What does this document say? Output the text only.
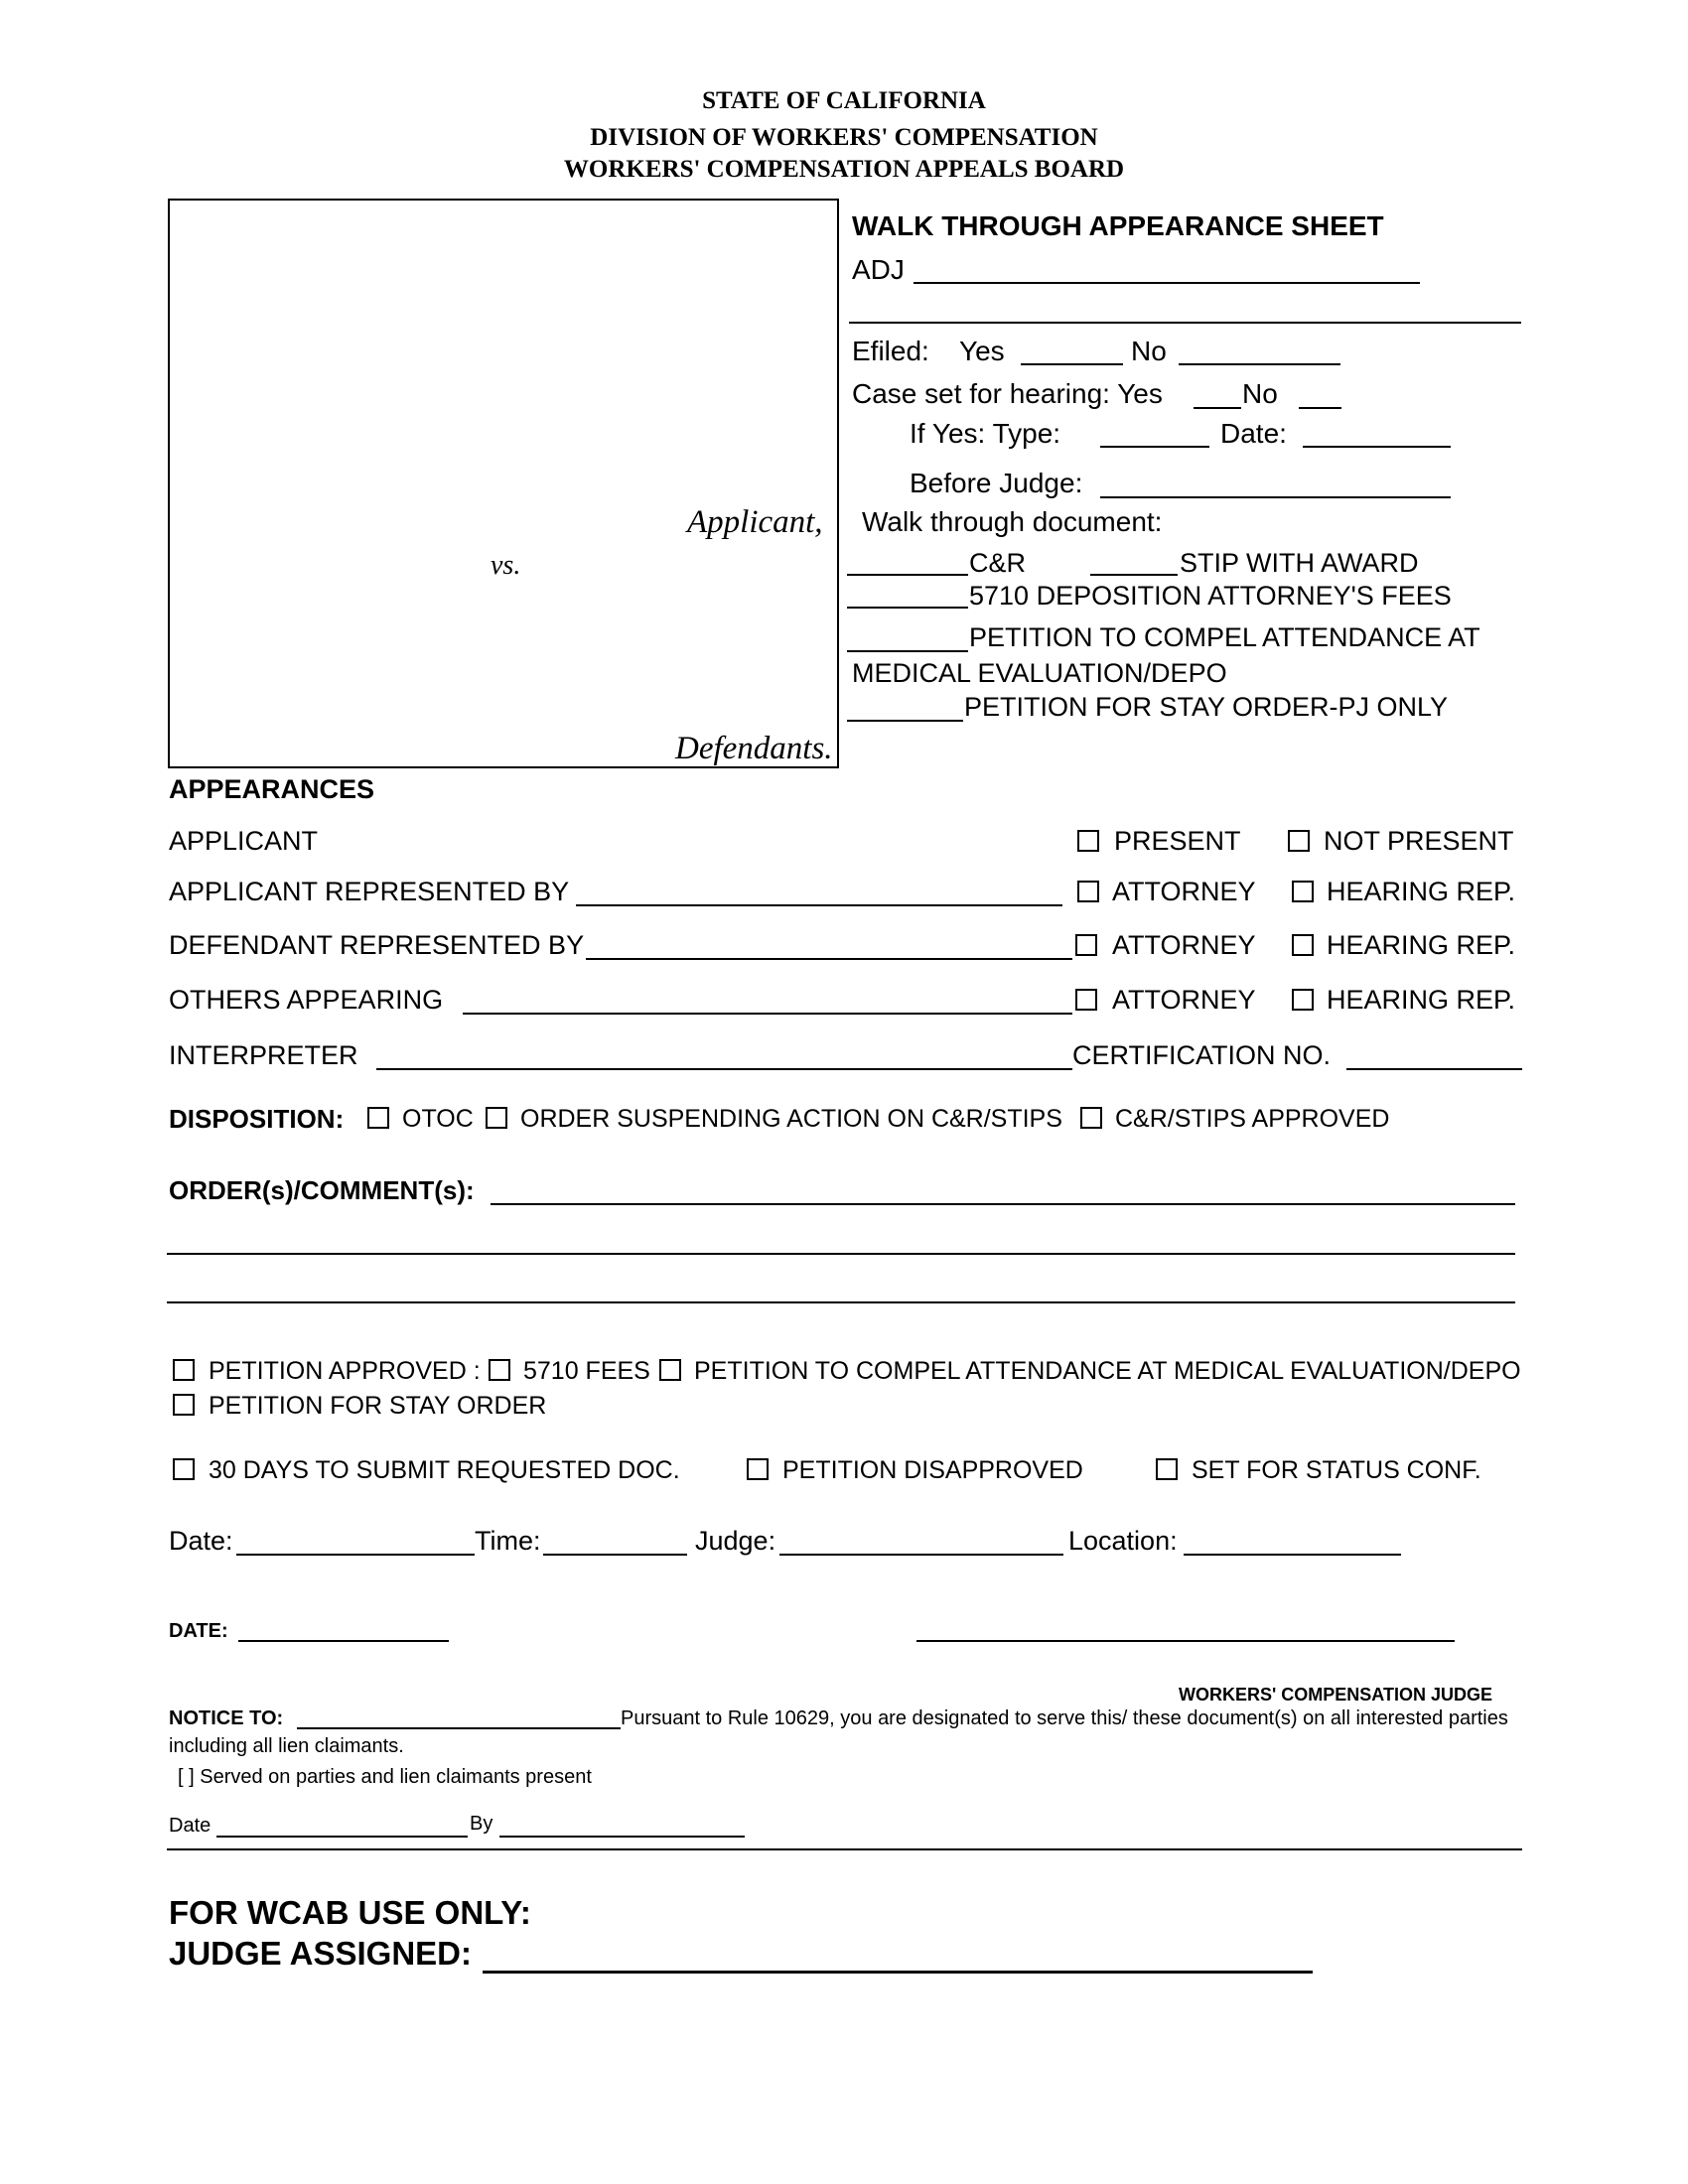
STATE OF CALIFORNIA
DIVISION OF WORKERS' COMPENSATION
WORKERS' COMPENSATION APPEALS BOARD
Applicant,
vs.
Defendants.
WALK THROUGH APPEARANCE SHEET
ADJ
Efiled: Yes	No
Case set for hearing: Yes	No
If Yes: Type:	Date:
Before Judge:
Walk through document:
C&R	STIP WITH AWARD
5710 DEPOSITION ATTORNEY'S FEES
PETITION TO COMPEL ATTENDANCE AT
MEDICAL EVALUATION/DEPO
PETITION FOR STAY ORDER-PJ ONLY
APPEARANCES
APPLICANT	PRESENT	NOT PRESENT
APPLICANT REPRESENTED BY	ATTORNEY	HEARING REP.
DEFENDANT REPRESENTED BY	ATTORNEY	HEARING REP.
OTHERS APPEARING	ATTORNEY	HEARING REP.
INTERPRETER	CERTIFICATION NO.
DISPOSITION: OTOC ORDER SUSPENDING ACTION ON C&R/STIPS C&R/STIPS APPROVED
ORDER(s)/COMMENT(s):
PETITION APPROVED : 5710 FEES PETITION TO COMPEL ATTENDANCE AT MEDICAL EVALUATION/DEPO
PETITION FOR STAY ORDER
30 DAYS TO SUBMIT REQUESTED DOC.	PETITION DISAPPROVED	SET FOR STATUS CONF.
Date:	Time:	Judge:	Location:
DATE:
WORKERS' COMPENSATION JUDGE
NOTICE TO:	Pursuant to Rule 10629, you are designated to serve this/ these document(s) on all interested parties
including all lien claimants.
[ ] Served on parties and lien claimants present
Date	By
FOR WCAB USE ONLY:
JUDGE ASSIGNED:
